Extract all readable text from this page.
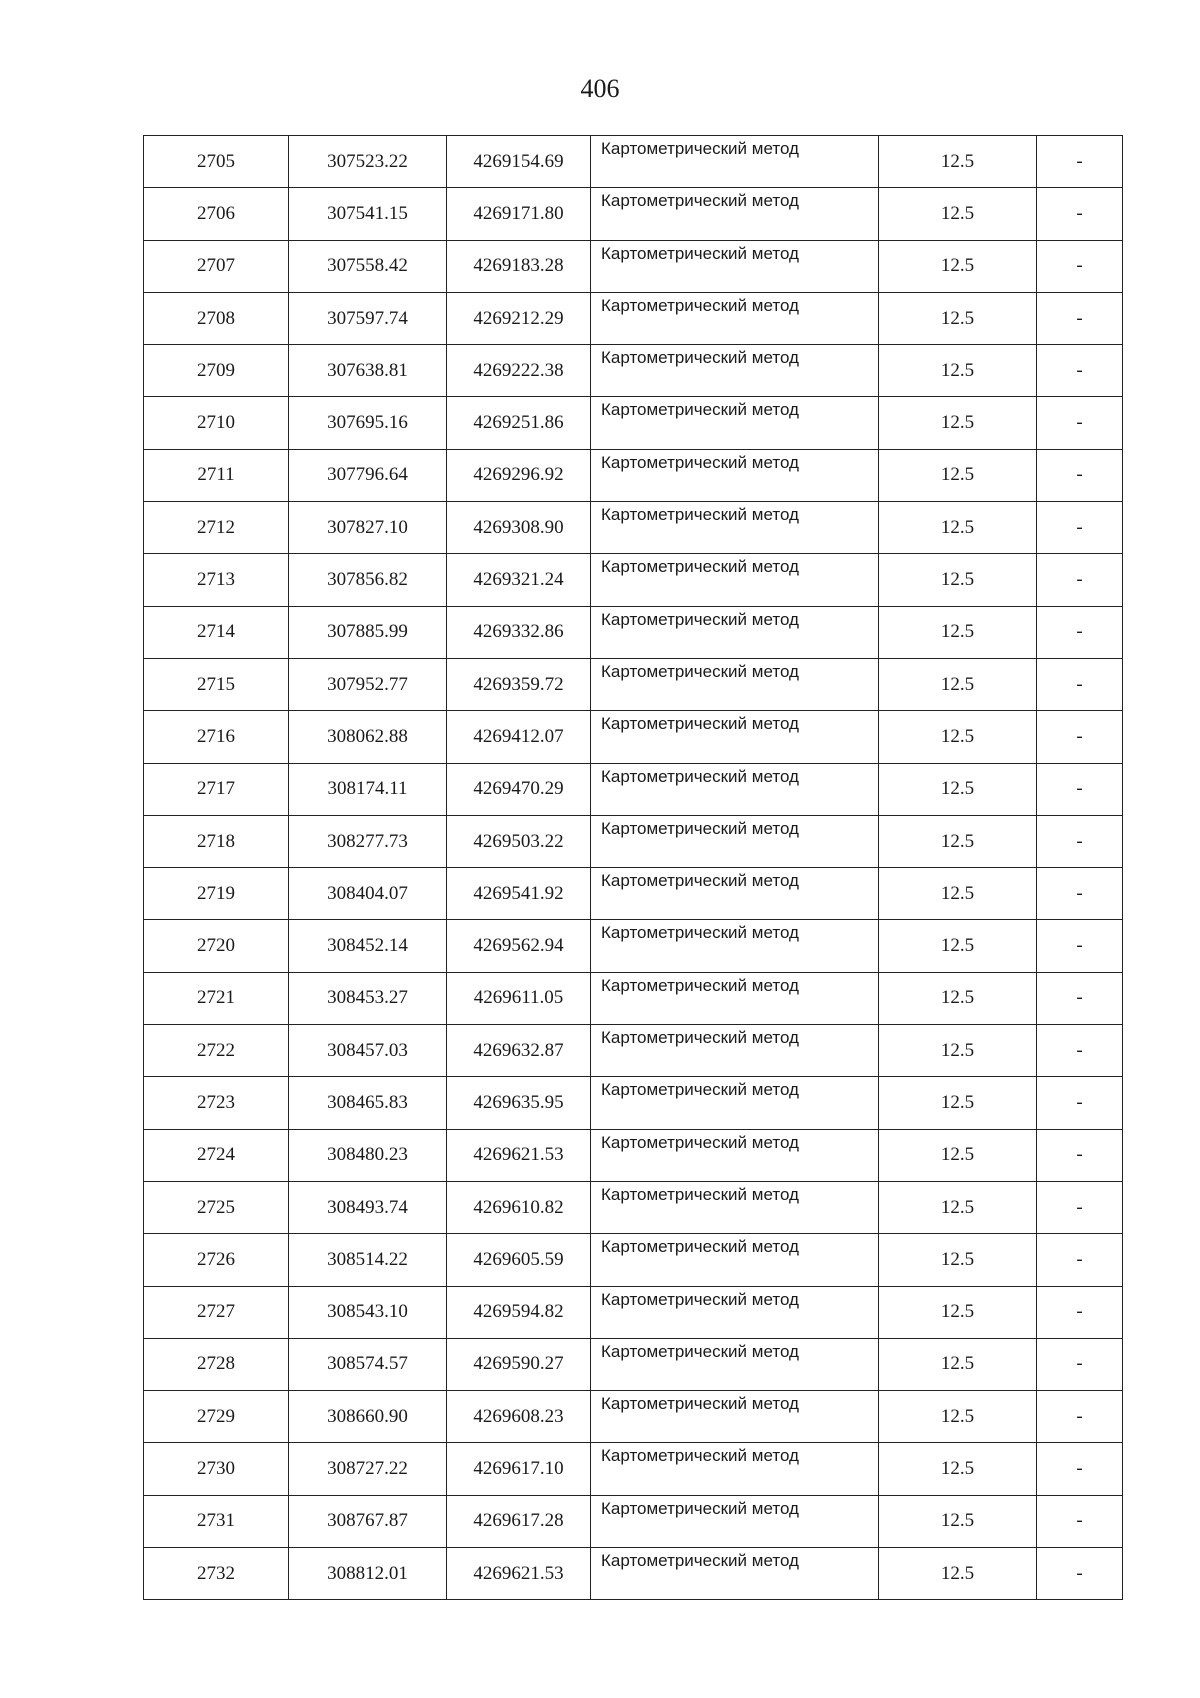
406
2705	307523.22	4269154.69	Картометрический метод	12.5	-
2706	307541.15	4269171.80	Картометрический метод	12.5	-
2707	307558.42	4269183.28	Картометрический метод	12.5	-
2708	307597.74	4269212.29	Картометрический метод	12.5	-
2709	307638.81	4269222.38	Картометрический метод	12.5	-
2710	307695.16	4269251.86	Картометрический метод	12.5	-
2711	307796.64	4269296.92	Картометрический метод	12.5	-
2712	307827.10	4269308.90	Картометрический метод	12.5	-
2713	307856.82	4269321.24	Картометрический метод	12.5	-
2714	307885.99	4269332.86	Картометрический метод	12.5	-
2715	307952.77	4269359.72	Картометрический метод	12.5	-
2716	308062.88	4269412.07	Картометрический метод	12.5	-
2717	308174.11	4269470.29	Картометрический метод	12.5	-
2718	308277.73	4269503.22	Картометрический метод	12.5	-
2719	308404.07	4269541.92	Картометрический метод	12.5	-
2720	308452.14	4269562.94	Картометрический метод	12.5	-
2721	308453.27	4269611.05	Картометрический метод	12.5	-
2722	308457.03	4269632.87	Картометрический метод	12.5	-
2723	308465.83	4269635.95	Картометрический метод	12.5	-
2724	308480.23	4269621.53	Картометрический метод	12.5	-
2725	308493.74	4269610.82	Картометрический метод	12.5	-
2726	308514.22	4269605.59	Картометрический метод	12.5	-
2727	308543.10	4269594.82	Картометрический метод	12.5	-
2728	308574.57	4269590.27	Картометрический метод	12.5	-
2729	308660.90	4269608.23	Картометрический метод	12.5	-
2730	308727.22	4269617.10	Картометрический метод	12.5	-
2731	308767.87	4269617.28	Картометрический метод	12.5	-
2732	308812.01	4269621.53	Картометрический метод	12.5	-
